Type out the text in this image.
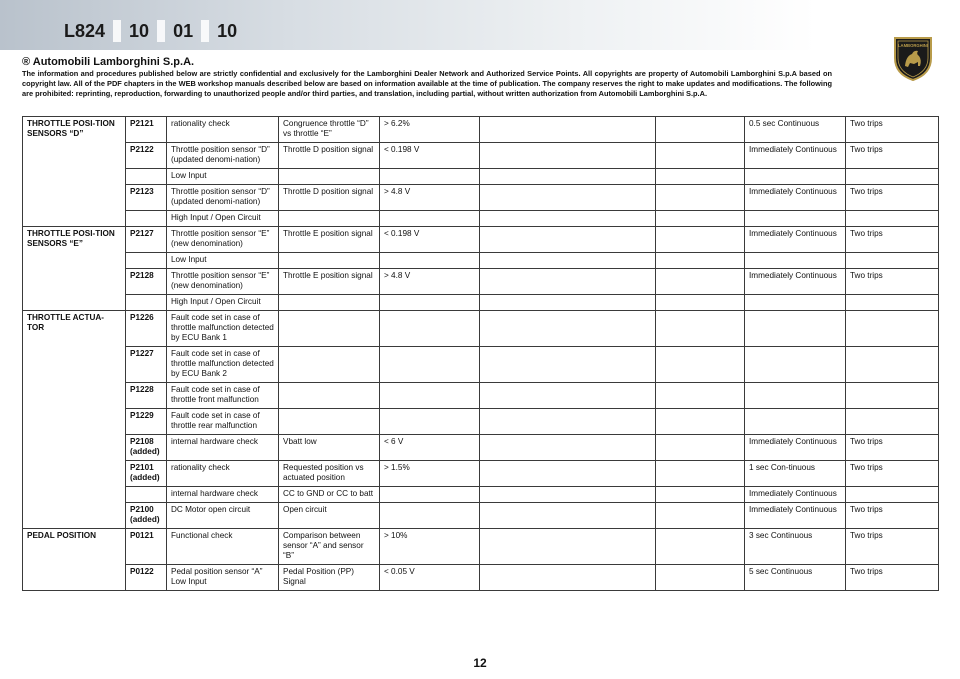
L824	10	01	10
LAMBORGHINI
® Automobili Lamborghini S.p.A.
The information and procedures published below are strictly confidential and exclusively for the Lamborghini Dealer Network and Authorized Service Points. All copyrights are property of Automobili Lamborghini S.p.A based on copyright law. All of the PDF chapters in the WEB workshop manuals described below are based on information available at the time of publication. The company reserves the right to make updates and modifications. The following are prohibited: reprinting, reproduction, forwarding to unauthorized people and/or third parties, and translation, including partial, without written authorization from Automobili Lamborghini S.p.A.
THROTTLE POSI-TION SENSORS “D”	P2121	rationality check	Congruence throttle “D” vs throttle “E”	> 6.2%			0.5 sec Continuous	Two trips
	P2122	Throttle position sensor “D” (updated denomi-nation)	Throttle D position signal	< 0.198 V			Immediately Continuous	Two trips
		Low Input						
	P2123	Throttle position sensor “D” (updated denomi-nation)	Throttle D position signal	> 4.8 V			Immediately Continuous	Two trips
		High Input / Open Circuit						
THROTTLE POSI-TION SENSORS “E”	P2127	Throttle position sensor “E” (new denomination)	Throttle E position signal	< 0.198 V			Immediately Continuous	Two trips
		Low Input						
	P2128	Throttle position sensor “E” (new denomination)	Throttle E position signal	> 4.8 V			Immediately Continuous	Two trips
		High Input / Open Circuit						
THROTTLE ACTUA-TOR	P1226	Fault code set in case of throttle malfunction detected by ECU Bank 1						
	P1227	Fault code set in case of throttle malfunction detected by ECU Bank 2						
	P1228	Fault code set in case of throttle front malfunction						
	P1229	Fault code set in case of throttle rear malfunction						
	P2108 (added)	internal hardware check	Vbatt low	< 6 V			Immediately Continuous	Two trips
	P2101 (added)	rationality check	Requested position vs actuated position	> 1.5%			1 sec Con-tinuous	Two trips
		internal hardware check	CC to GND or CC to batt				Immediately Continuous	
	P2100 (added)	DC Motor open circuit	Open circuit				Immediately Continuous	Two trips
PEDAL POSITION	P0121	Functional check	Comparison between sensor “A” and sensor “B”	> 10%			3 sec Continuous	Two trips
	P0122	Pedal position sensor “A” Low Input	Pedal Position (PP) Signal	< 0.05 V			5 sec Continuous	Two trips
12
